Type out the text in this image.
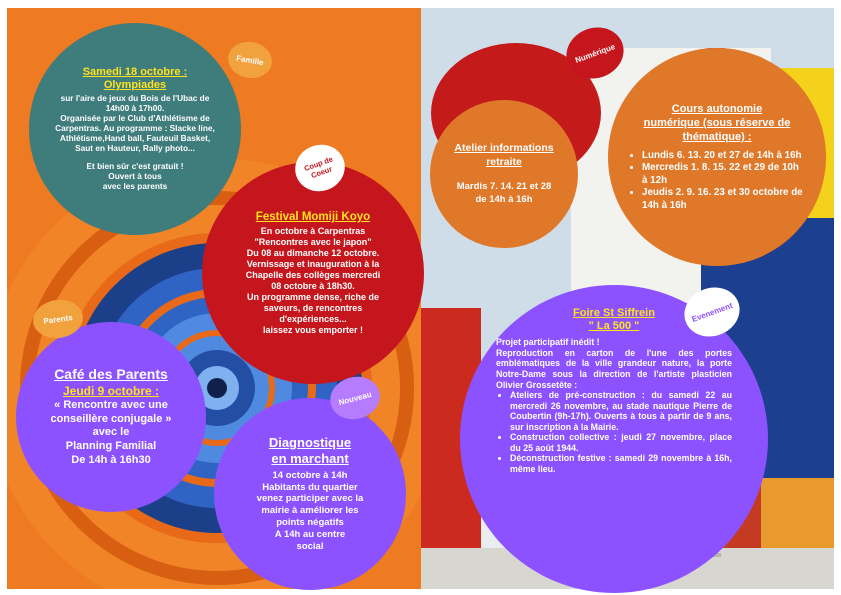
Samedi 18 octobre :

Olympiades

sur l'aire de jeux du Bois de l'Ubac de

14h00 à 17h00.

Organisée par le Club d'Athlétisme de

Carpentras. Au programme : Slacke line,

Athlétisme,Hand ball, Fauteuil Basket,

Saut en Hauteur, Rally photo...

Et bien sûr c'est gratuit !

Ouvert à tous

avec les parents

Famille

Festival Momiji Koyo

En octobre à Carpentras

"Rencontres avec le japon"

Du 08 au dimanche 12 octobre.

Vernissage et inauguration à la

Chapelle des collèges mercredi

08 octobre à 18h30.

Un programme dense, riche de

saveurs, de rencontres

d'expériences...

laissez vous emporter !

Coup de Coeur

Café des Parents

Jeudi 9 octobre :

« Rencontre avec une

conseillère conjugale »

avec le

Planning Familial

De 14h à 16h30

Parents

Diagnostique

en marchant

14 octobre à 14h

Habitants du quartier

venez participer avec la

mairie à améliorer les

points négatifs

A 14h au centre

social

Nouveau

Atelier informations

retraite

Mardis 7. 14. 21 et 28

de 14h à 16h

Cours autonomie

numérique (sous réserve de

thématique) :

• Lundis 6. 13. 20 et 27 de 14h à 16h
• Mercredis 1. 8. 15. 22 et 29 de 10h à 12h
• Jeudis 2. 9. 16. 23 et 30 octobre de 14h à 16h
Numérique

Foire St Siffrein

" La 500 "

Projet participatif inédit !

Reproduction en carton de l'une des portes emblématiques de la ville grandeur nature, la porte Notre-Dame sous la direction de l'artiste plasticien Olivier Grossetête :

• Ateliers de pré-construction : du samedi 22 au mercredi 26 novembre, au stade nautique Pierre de Coubertin (9h-17h). Ouverts à tous à partir de 9 ans, sur inscription à la Mairie.
• Construction collective : jeudi 27 novembre, place du 25 août 1944.
• Déconstruction festive : samedi 29 novembre à 16h, même lieu.
Evenement
